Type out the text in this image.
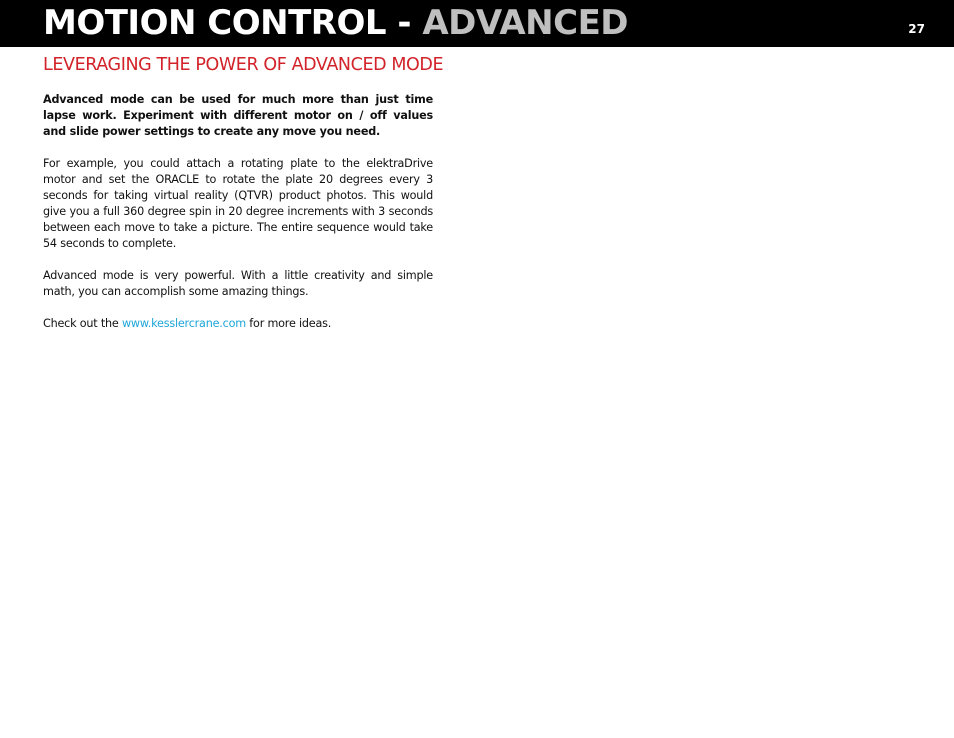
MOTION CONTROL - ADVANCED	27
LEVERAGING THE POWER OF ADVANCED MODE

Advanced mode can be used for much more than just time lapse work. Experiment with different motor on / off values and slide power settings to create any move you need.

For example, you could attach a rotating plate to the elektraDrive motor and set the ORACLE to rotate the plate 20 degrees every 3 seconds for taking virtual reality (QTVR) product photos. This would give you a full 360 degree spin in 20 degree increments with 3 seconds between each move to take a picture. The entire sequence would take 54 seconds to complete.

Advanced mode is very powerful. With a little creativity and simple math, you can accomplish some amazing things.

Check out the www.kesslercrane.com for more ideas.
